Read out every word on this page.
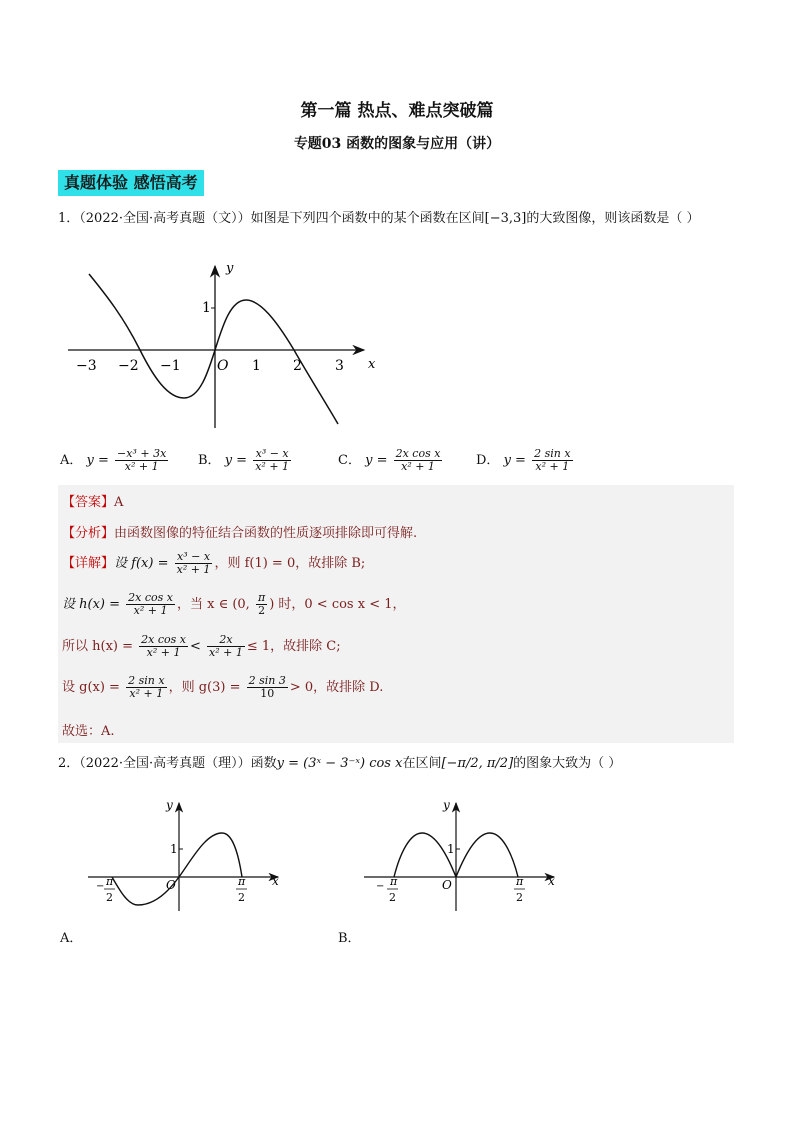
第一篇 热点、难点突破篇
专题03 函数的图象与应用（讲）
真题体验 感悟高考
1．（2022·全国·高考真题（文））如图是下列四个函数中的某个函数在区间[−3,3]的大致图像，则该函数是（ ）
1
y
x
−3 −2 −1	O 1 2 3
A． $y = \frac{\text{−x³ + 3x}}{\text{x² + 1}}$ B． $y = \frac{\text{x³ − x}}{\text{x² + 1}}$	C． $y = \frac{\text{2x cos x}}{\text{x² + 1}}$	D． $y = \frac{\text{2 sin x}}{\text{x² + 1}}$
【答案】A
【分析】由函数图像的特征结合函数的性质逐项排除即可得解.
【详解】设 $f(x) = \frac{\text{x³ − x}}{\text{x² + 1}}$ ，则 f(1) = 0，故排除 B;
设 $h(x) = \frac{\text{2x cos x}}{\text{x² + 1}}$ ，当 x ∈ (0, $\frac{\pi}{2}$ ) 时，0 < cos x < 1，
所以 $h(x) = \frac{\text{2x cos x}}{\text{x² + 1}} < \frac{2x}{\text{x² + 1}} \le 1$，故排除 C;
设 $g(x) = \frac{\text{2 sin x}}{\text{x² + 1}}$ ，则 $g(3) = \frac{2 \sin 3}{10} > 0$，故排除 D.
故选：A.
2．（2022·全国·高考真题（理））函数y = (3ˣ − 3⁻ˣ) cos x在区间[−π/2, π/2]的图象大致为（ ）
y
x
O
1
− π
2
π
2
A．
y
x
O
1
− π
2
π
2
B．
